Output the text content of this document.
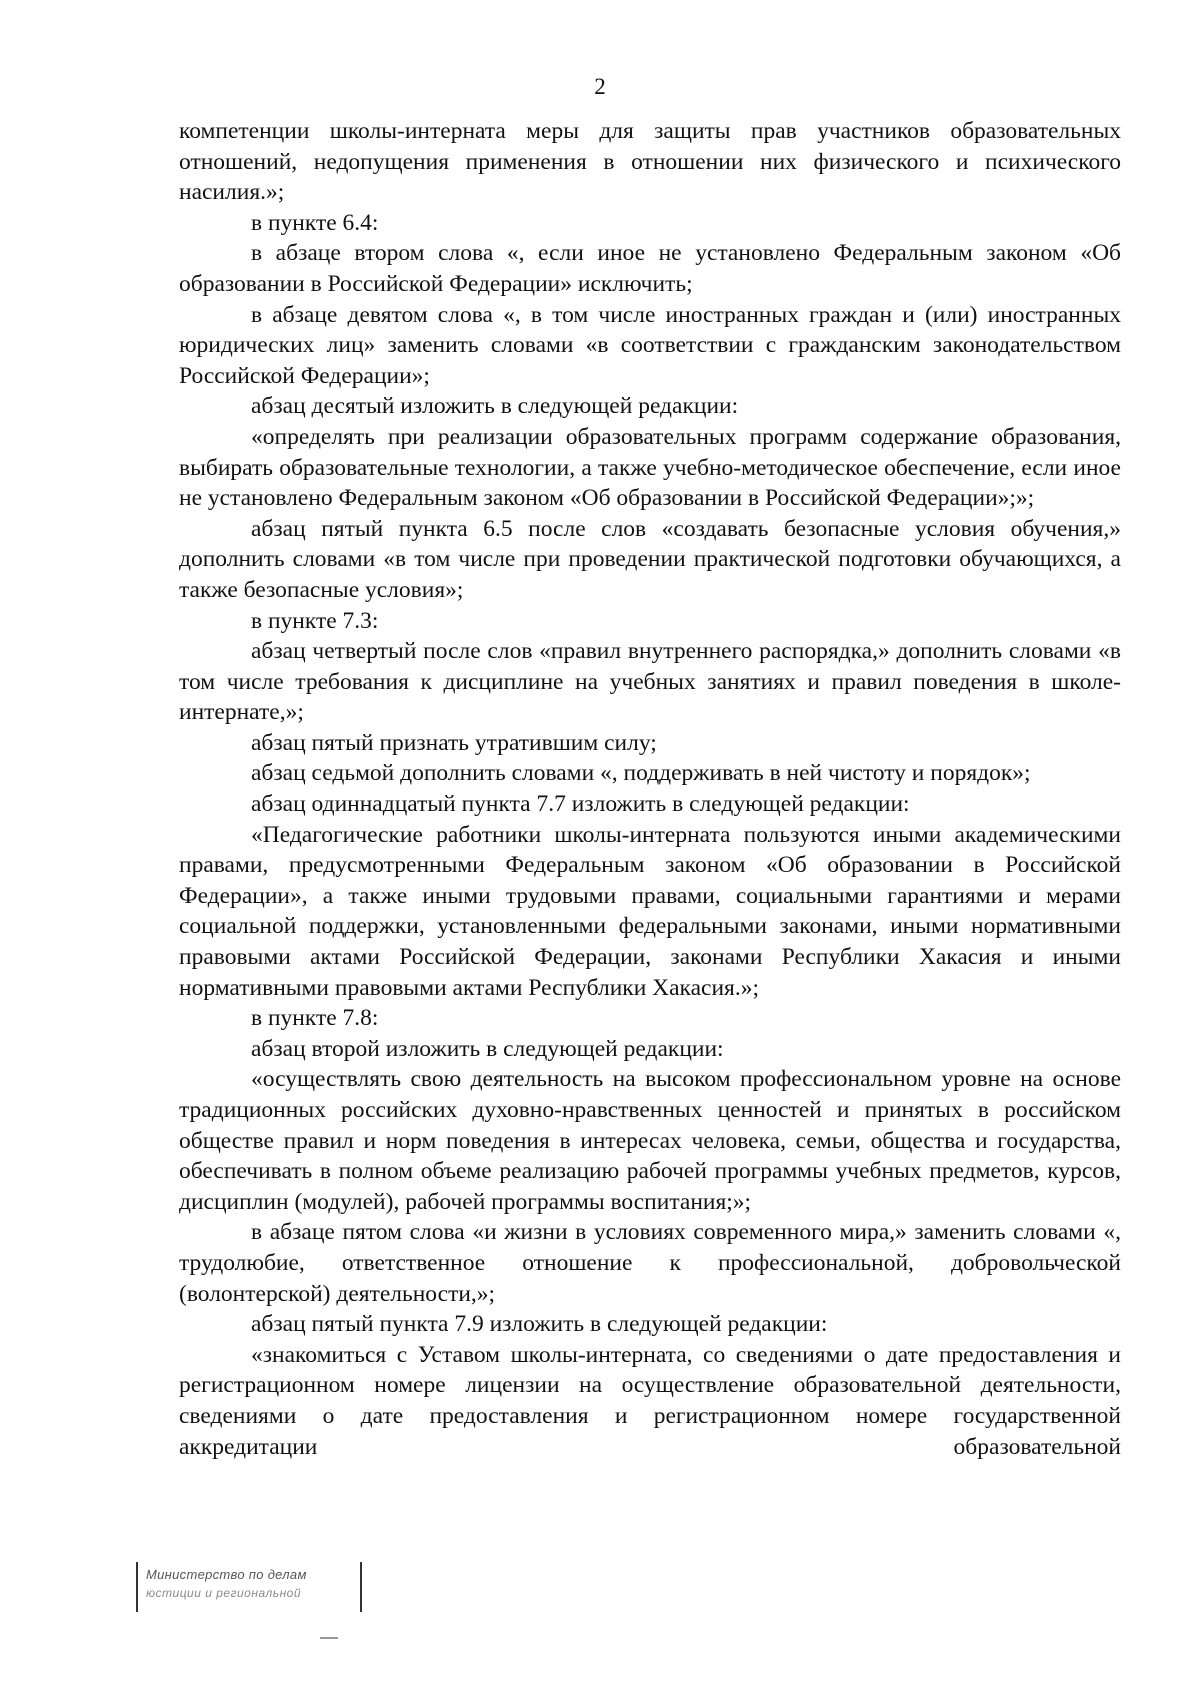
2

компетенции школы-интерната меры для защиты прав участников образовательных отношений, недопущения применения в отношении них физического и психического насилия.»;

в пункте 6.4:

в абзаце втором слова «, если иное не установлено Федеральным законом «Об образовании в Российской Федерации» исключить;

в абзаце девятом слова «, в том числе иностранных граждан и (или) иностранных юридических лиц» заменить словами «в соответствии с гражданским законодательством Российской Федерации»;

абзац десятый изложить в следующей редакции:

«определять при реализации образовательных программ содержание образования, выбирать образовательные технологии, а также учебно-методическое обеспечение, если иное не установлено Федеральным законом «Об образовании в Российской Федерации»;»;

абзац пятый пункта 6.5 после слов «создавать безопасные условия обучения,» дополнить словами «в том числе при проведении практической подготовки обучающихся, а также безопасные условия»;

в пункте 7.3:

абзац четвертый после слов «правил внутреннего распорядка,» дополнить словами «в том числе требования к дисциплине на учебных занятиях и правил поведения в школе-интернате,»;

абзац пятый признать утратившим силу;

абзац седьмой дополнить словами «, поддерживать в ней чистоту и порядок»;

абзац одиннадцатый пункта 7.7 изложить в следующей редакции:

«Педагогические работники школы-интерната пользуются иными академическими правами, предусмотренными Федеральным законом «Об образовании в Российской Федерации», а также иными трудовыми правами, социальными гарантиями и мерами социальной поддержки, установленными федеральными законами, иными нормативными правовыми актами Российской Федерации, законами Республики Хакасия и иными нормативными правовыми актами Республики Хакасия.»;

в пункте 7.8:

абзац второй изложить в следующей редакции:

«осуществлять свою деятельность на высоком профессиональном уровне на основе традиционных российских духовно-нравственных ценностей и принятых в российском обществе правил и норм поведения в интересах человека, семьи, общества и государства, обеспечивать в полном объеме реализацию рабочей программы учебных предметов, курсов, дисциплин (модулей), рабочей программы воспитания;»;

в абзаце пятом слова «и жизни в условиях современного мира,» заменить словами «, трудолюбие, ответственное отношение к профессиональной, добровольческой (волонтерской) деятельности,»;

абзац пятый пункта 7.9 изложить в следующей редакции:

«знакомиться с Уставом школы-интерната, со сведениями о дате предоставления и регистрационном номере лицензии на осуществление образовательной деятельности, сведениями о дате предоставления и регистрационном номере государственной аккредитации образовательной

Министерство по делам
юстиции и региональной
